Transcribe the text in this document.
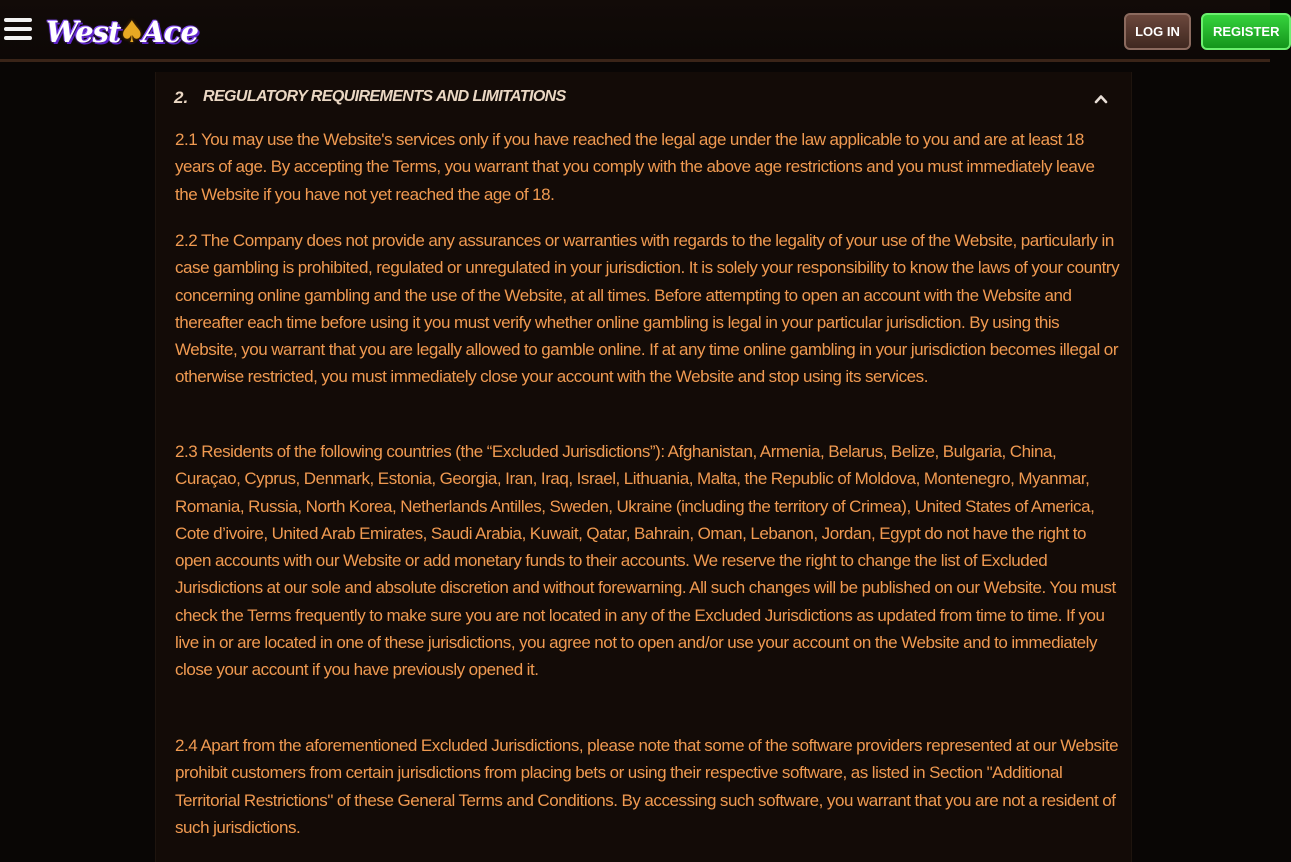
West♠Ace	LOG IN	REGISTER
2. REGULATORY REQUIREMENTS AND LIMITATIONS

2.1 You may use the Website's services only if you have reached the legal age under the law applicable to you and are at least 18 years of age. By accepting the Terms, you warrant that you comply with the above age restrictions and you must immediately leave the Website if you have not yet reached the age of 18.

2.2 The Company does not provide any assurances or warranties with regards to the legality of your use of the Website, particularly in case gambling is prohibited, regulated or unregulated in your jurisdiction. It is solely your responsibility to know the laws of your country concerning online gambling and the use of the Website, at all times. Before attempting to open an account with the Website and thereafter each time before using it you must verify whether online gambling is legal in your particular jurisdiction. By using this Website, you warrant that you are legally allowed to gamble online. If at any time online gambling in your jurisdiction becomes illegal or otherwise restricted, you must immediately close your account with the Website and stop using its services.

2.3 Residents of the following countries (the “Excluded Jurisdictions”): Afghanistan, Armenia, Belarus, Belize, Bulgaria, China, Curaçao, Cyprus, Denmark, Estonia, Georgia, Iran, Iraq, Israel, Lithuania, Malta, the Republic of Moldova, Montenegro, Myanmar, Romania, Russia, North Korea, Netherlands Antilles, Sweden, Ukraine (including the territory of Crimea), United States of America, Cote d’ivoire, United Arab Emirates, Saudi Arabia, Kuwait, Qatar, Bahrain, Oman, Lebanon, Jordan, Egypt do not have the right to open accounts with our Website or add monetary funds to their accounts. We reserve the right to change the list of Excluded Jurisdictions at our sole and absolute discretion and without forewarning. All such changes will be published on our Website. You must check the Terms frequently to make sure you are not located in any of the Excluded Jurisdictions as updated from time to time. If you live in or are located in one of these jurisdictions, you agree not to open and/or use your account on the Website and to immediately close your account if you have previously opened it.

2.4 Apart from the aforementioned Excluded Jurisdictions, please note that some of the software providers represented at our Website prohibit customers from certain jurisdictions from placing bets or using their respective software, as listed in Section "Additional Territorial Restrictions" of these General Terms and Conditions. By accessing such software, you warrant that you are not a resident of such jurisdictions.
